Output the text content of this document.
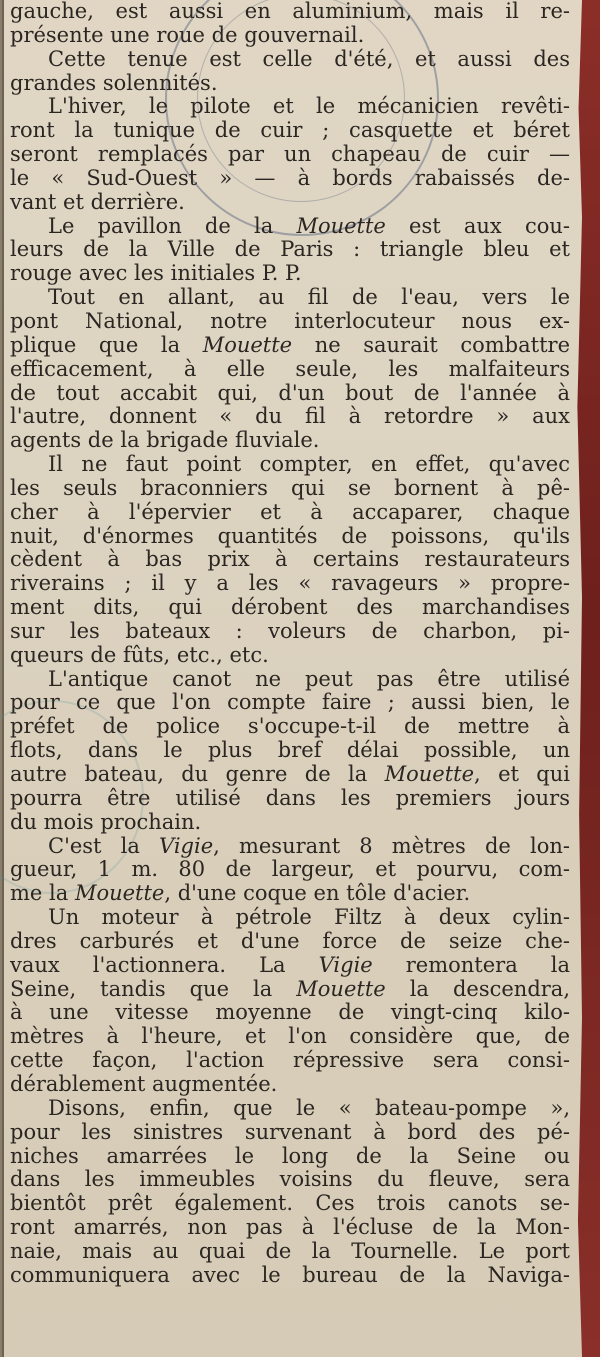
gauche, est aussi en aluminium, mais il re-
présente une roue de gouvernail.

Cette tenue est celle d'été, et aussi des
grandes solennités.

L'hiver, le pilote et le mécanicien revêti-
ront la tunique de cuir ; casquette et béret
seront remplacés par un chapeau de cuir —
le « Sud-Ouest » — à bords rabaissés de-
vant et derrière.

Le pavillon de la Mouette est aux cou-
leurs de la Ville de Paris : triangle bleu et
rouge avec les initiales P. P.

Tout en allant, au fil de l'eau, vers le
pont National, notre interlocuteur nous ex-
plique que la Mouette ne saurait combattre
efficacement, à elle seule, les malfaiteurs
de tout accabit qui, d'un bout de l'année à
l'autre, donnent « du fil à retordre » aux
agents de la brigade fluviale.

Il ne faut point compter, en effet, qu'avec
les seuls braconniers qui se bornent à pê-
cher à l'épervier et à accaparer, chaque
nuit, d'énormes quantités de poissons, qu'ils
cèdent à bas prix à certains restaurateurs
riverains ; il y a les « ravageurs » propre-
ment dits, qui dérobent des marchandises
sur les bateaux : voleurs de charbon, pi-
queurs de fûts, etc., etc.

L'antique canot ne peut pas être utilisé
pour ce que l'on compte faire ; aussi bien, le
préfet de police s'occupe-t-il de mettre à
flots, dans le plus bref délai possible, un
autre bateau, du genre de la Mouette, et qui
pourra être utilisé dans les premiers jours
du mois prochain.

C'est la Vigie, mesurant 8 mètres de lon-
gueur, 1 m. 80 de largeur, et pourvu, com-
me la Mouette, d'une coque en tôle d'acier.

Un moteur à pétrole Filtz à deux cylin-
dres carburés et d'une force de seize che-
vaux l'actionnera. La Vigie remontera la
Seine, tandis que la Mouette la descendra,
à une vitesse moyenne de vingt-cinq kilo-
mètres à l'heure, et l'on considère que, de
cette façon, l'action répressive sera consi-
dérablement augmentée.

Disons, enfin, que le « bateau-pompe »,
pour les sinistres survenant à bord des pé-
niches amarrées le long de la Seine ou
dans les immeubles voisins du fleuve, sera
bientôt prêt également. Ces trois canots se-
ront amarrés, non pas à l'écluse de la Mon-
naie, mais au quai de la Tournelle. Le port
communiquera avec le bureau de la Naviga-
